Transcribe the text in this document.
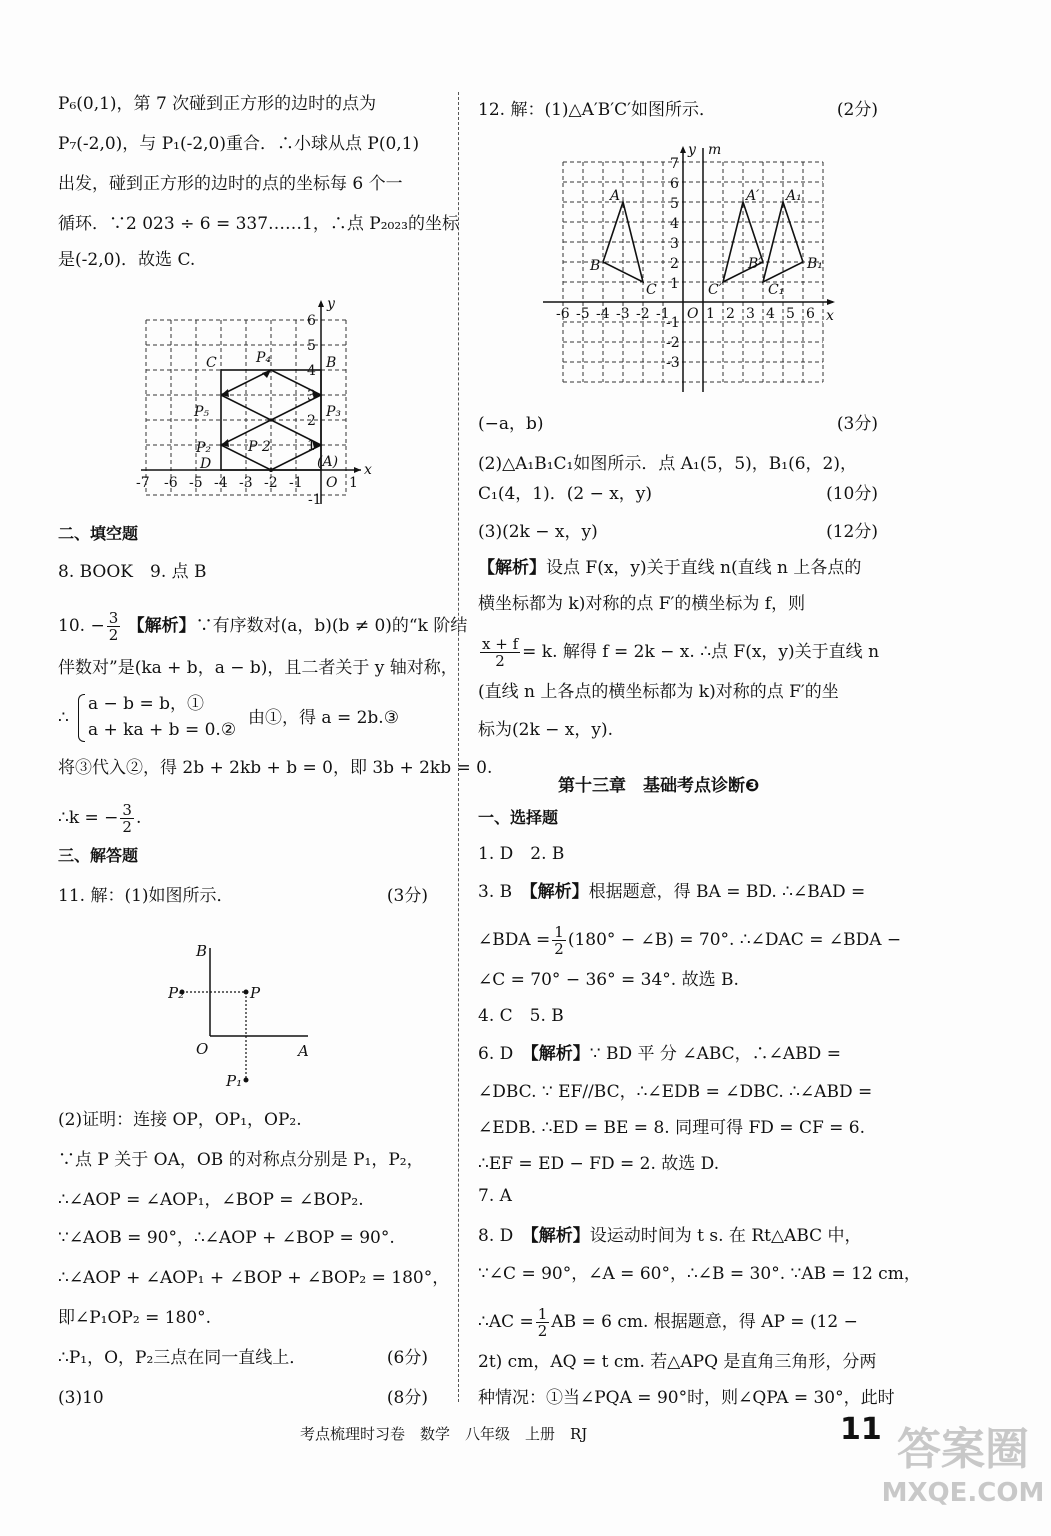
P₆(0,1)，第 7 次碰到正方形的边时的点为
P₇(-2,0)，与 P₁(-2,0)重合．∴小球从点 P(0,1)
出发，碰到正方形的边时的点的坐标每 6 个一
循环．∵2 023 ÷ 6 = 337……1，∴点 P₂₀₂₃的坐标
是(-2,0)．故选 C.
-7 -6 -5 -4 -3 -2 -1	1
O
x
y
1
2
3
4
5
6
-1
C	B
D	(A)
P₄
P₅	P₃
P₂	P 2
二、填空题
8. BOOK　9. 点 B
10. − $\frac{3}{2}$ 【解析】∵有序数对(a，b)(b ≠ 0)的“k 阶结
伴数对”是(ka + b，a − b)，且二者关于 y 轴对称，
∴
a − b = b，①
a + ka + b = 0.②
由①，得 a = 2b.③
将③代入②，得 2b + 2kb + b = 0，即 3b + 2kb = 0.
∴k = − $\frac{3}{2}$ .
三、解答题
11. 解：(1)如图所示．	(3分)
B
P₂	P
O	A
P₁
(2)证明：连接 OP，OP₁，OP₂.
∵点 P 关于 OA，OB 的对称点分别是 P₁，P₂，
∴∠AOP = ∠AOP₁，∠BOP = ∠BOP₂.
∵∠AOB = 90°，∴∠AOP + ∠BOP = 90°.
∴∠AOP + ∠AOP₁ + ∠BOP + ∠BOP₂ = 180°，
即∠P₁OP₂ = 180°.
∴P₁，O，P₂三点在同一直线上．	(6分)
(3)10	(8分)
12. 解：(1)△A′B′C′如图所示．	(2分)
-6 -5 -4 -3 -2 -1 O 1 2 3 4 5 6 x
y m
1
2
3
4
5
6
7
-1
-2
-3
A
B
C
A′
B′
C′
A₁
B₁
C₁
(−a，b)	(3分)
(2)△A₁B₁C₁如图所示．点 A₁(5，5)，B₁(6，2)，
C₁(4，1)．(2 − x，y)	(10分)
(3)(2k − x，y)	(12分)
【解析】设点 F(x，y)关于直线 n(直线 n 上各点的
横坐标都为 k)对称的点 F′的横坐标为 f，则
$\frac{x + f}{2} = k$. 解得 f = 2k − x. ∴点 F(x，y)关于直线 n
(直线 n 上各点的横坐标都为 k)对称的点 F′的坐
标为(2k − x，y).
第十三章　基础考点诊断❸
一、选择题
1. D　2. B
3. B　 【解析】根据题意，得 BA = BD. ∴∠BAD =
∠BDA = $\frac{1}{2} (180^\circ$ − ∠B) = 70°. ∴∠DAC = ∠BDA −
∠C = 70° − 36° = 34°. 故选 B.
4. C　5. B
6. D　 【解析】∵ BD 平 分 ∠ABC，∴∠ABD =
∠DBC. ∵ EF//BC，∴∠EDB = ∠DBC. ∴∠ABD =
∠EDB. ∴ED = BE = 8. 同理可得 FD = CF = 6.
∴EF = ED − FD = 2. 故选 D.
7. A
8. D　 【解析】设运动时间为 t s. 在 Rt△ABC 中，
∵∠C = 90°，∠A = 60°，∴∠B = 30°. ∵AB = 12 cm，
∴AC = $\frac{1}{2}$ AB = 6 cm. 根据题意，得 AP = (12 −
2t) cm，AQ = t cm. 若△APQ 是直角三角形，分两
种情况：①当∠PQA = 90°时，则∠QPA = 30°，此时
考点梳理时习卷　数学　八年级　上册　RJ	11 答案圈
MXQE.COM
